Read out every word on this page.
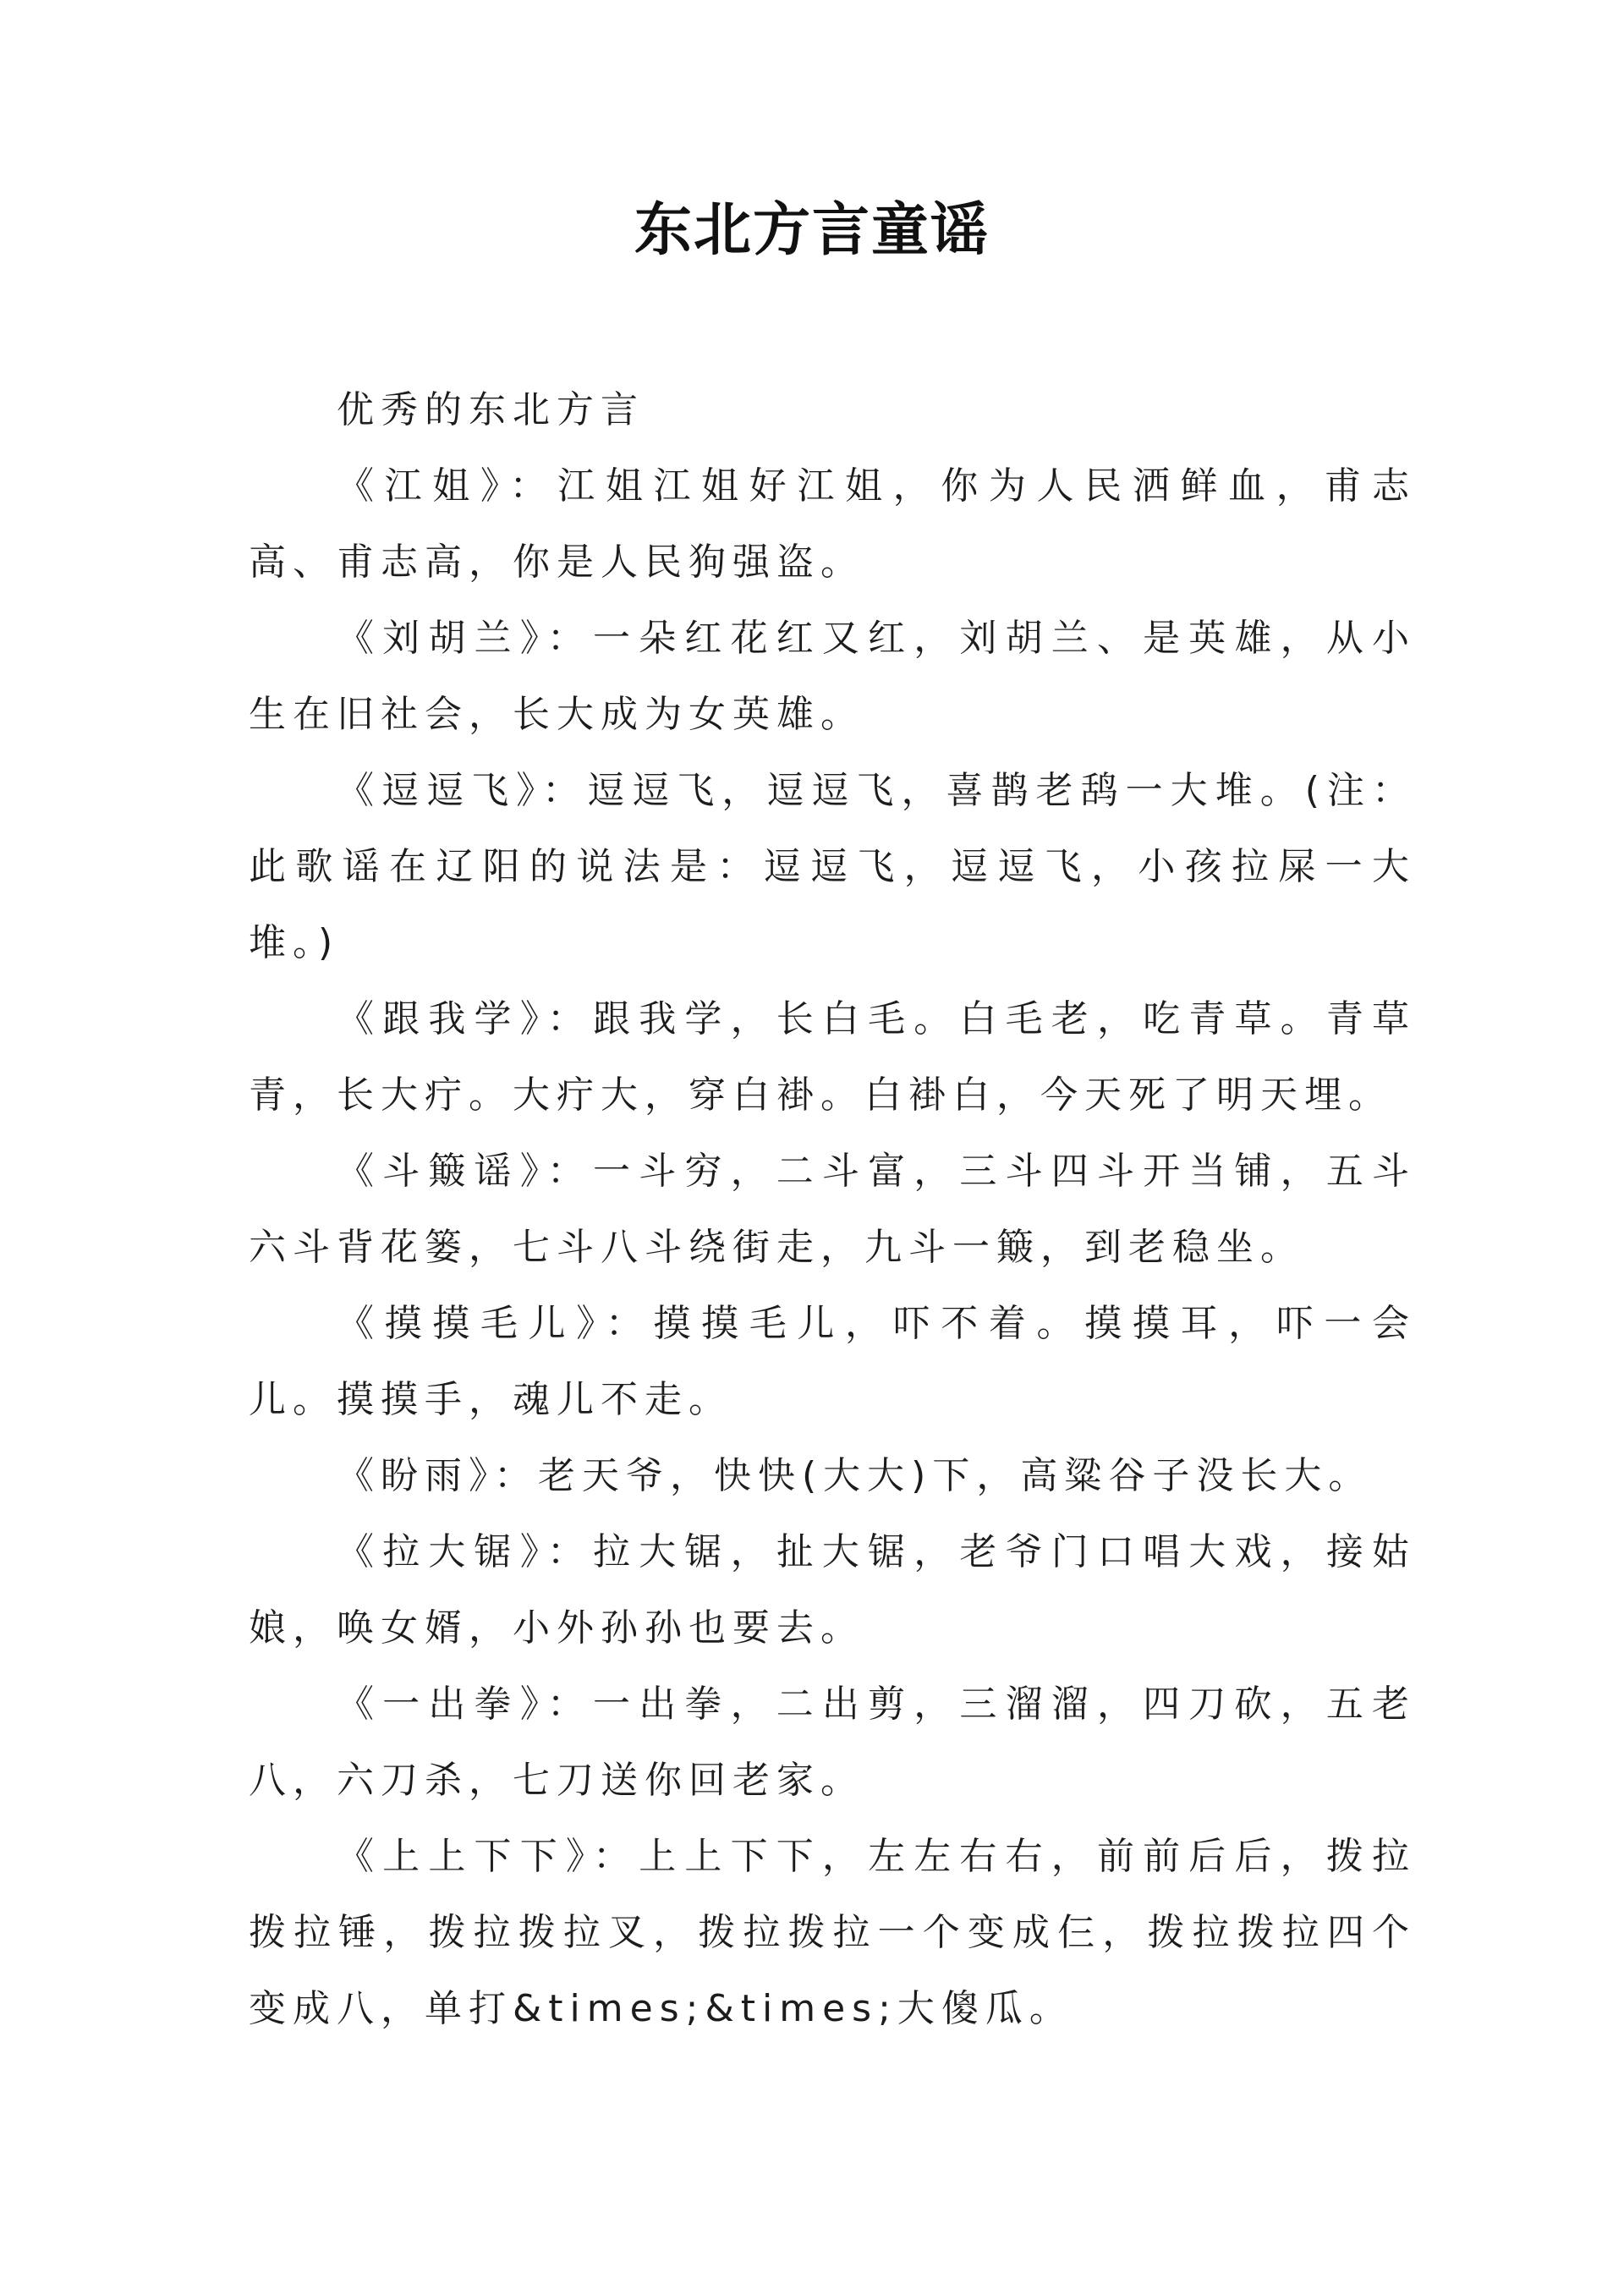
东北方言童谣

优秀的东北方言

《江姐》：江姐江姐好江姐，你为人民洒鲜血，甫志高、甫志高，你是人民狗强盗。

《刘胡兰》：一朵红花红又红，刘胡兰、是英雄，从小生在旧社会，长大成为女英雄。

《逗逗飞》：逗逗飞，逗逗飞，喜鹊老鸹一大堆。(注：此歌谣在辽阳的说法是：逗逗飞，逗逗飞，小孩拉屎一大堆。)

《跟我学》：跟我学，长白毛。白毛老，吃青草。青草青，长大疔。大疔大，穿白褂。白褂白，今天死了明天埋。

《斗簸谣》：一斗穷，二斗富，三斗四斗开当铺，五斗六斗背花篓，七斗八斗绕街走，九斗一簸，到老稳坐。

《摸摸毛儿》：摸摸毛儿，吓不着。摸摸耳，吓一会儿。摸摸手，魂儿不走。

《盼雨》：老天爷，快快(大大)下，高粱谷子没长大。

《拉大锯》：拉大锯，扯大锯，老爷门口唱大戏，接姑娘，唤女婿，小外孙孙也要去。

《一出拳》：一出拳，二出剪，三溜溜，四刀砍，五老八，六刀杀，七刀送你回老家。

《上上下下》：上上下下，左左右右，前前后后，拨拉拨拉锤，拨拉拨拉叉，拨拉拨拉一个变成仨，拨拉拨拉四个变成八，单打&times;&times;大傻瓜。
